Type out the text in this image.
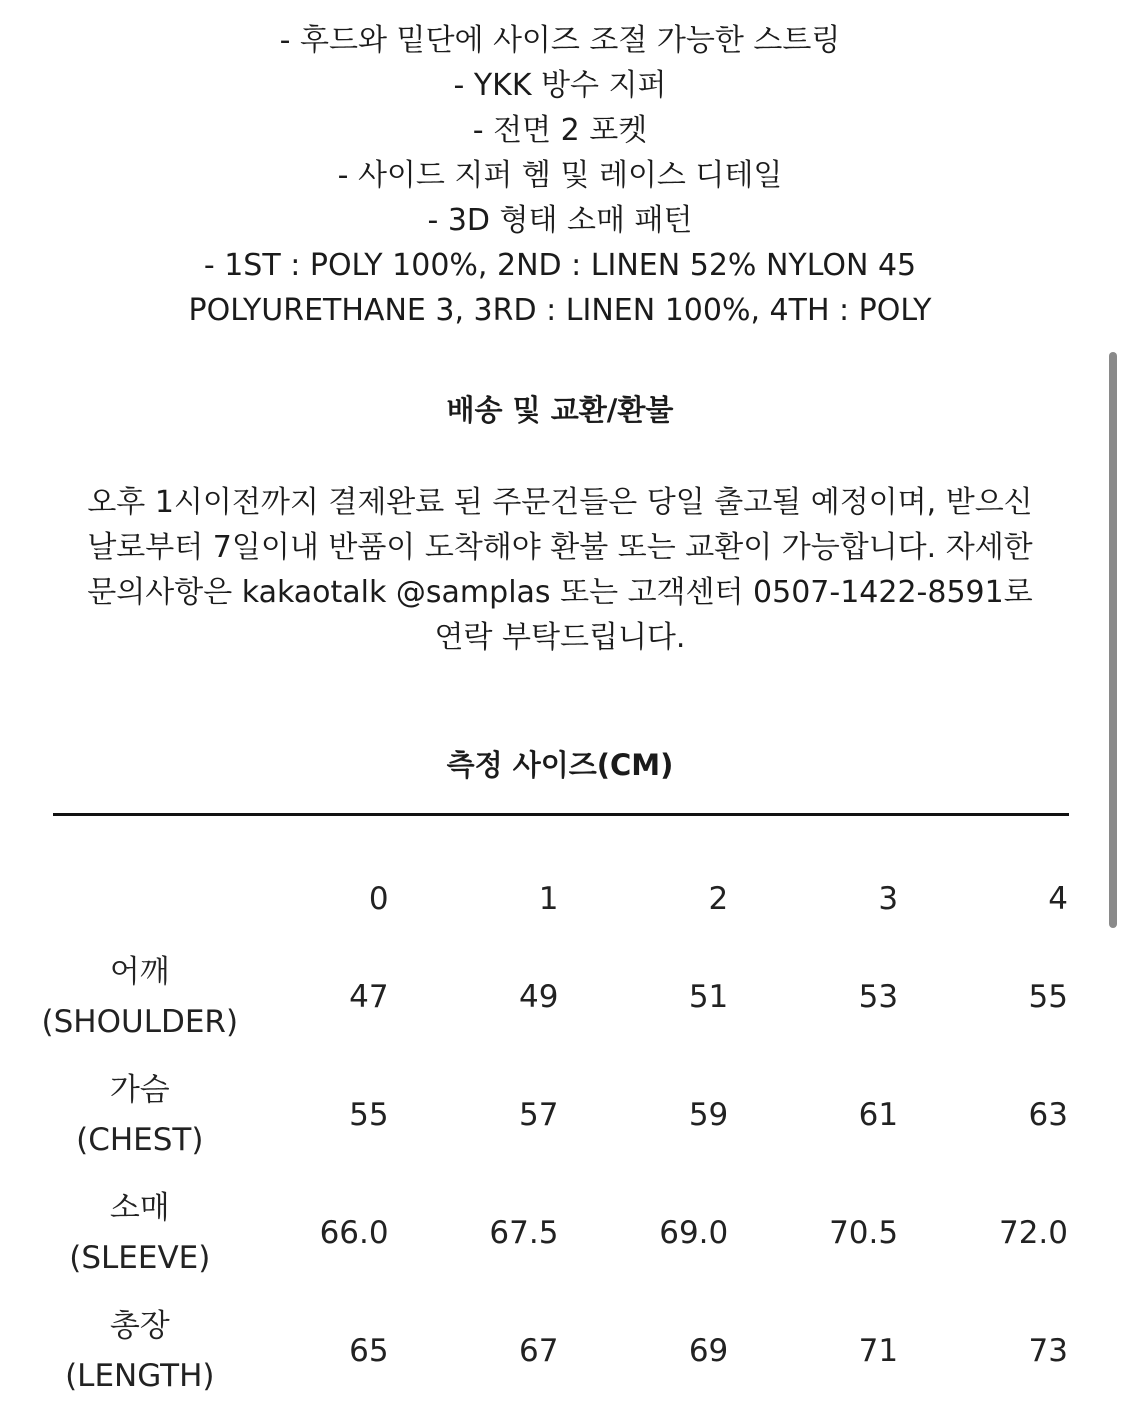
- 후드와 밑단에 사이즈 조절 가능한 스트링
- YKK 방수 지퍼
- 전면 2 포켓
- 사이드 지퍼 헴 및 레이스 디테일
- 3D 형태 소매 패턴
- 1ST : POLY 100%, 2ND : LINEN 52% NYLON 45
POLYURETHANE 3, 3RD : LINEN 100%, 4TH : POLY
배송 및 교환/환불
오후 1시이전까지 결제완료 된 주문건들은 당일 출고될 예정이며, 받으신
날로부터 7일이내 반품이 도착해야 환불 또는 교환이 가능합니다. 자세한
문의사항은 kakaotalk @samplas 또는 고객센터 0507-1422-8591로
연락 부탁드립니다.
측정 사이즈(CM)
	0	1	2	3	4

어깨
(SHOULDER)	47	49	51	53	55

가슴
(CHEST)	55	57	59	61	63

소매
(SLEEVE)	66.0	67.5	69.0	70.5	72.0

총장
(LENGTH)	65	67	69	71	73
